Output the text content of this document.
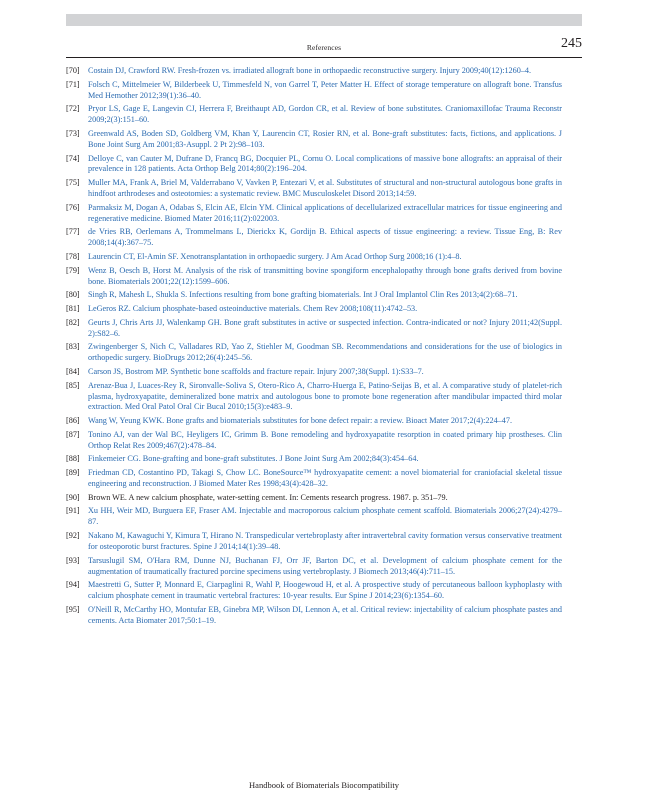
References	245
[70]	Costain DJ, Crawford RW. Fresh-frozen vs. irradiated allograft bone in orthopaedic reconstructive surgery. Injury 2009;40(12):1260–4.
[71]	Folsch C, Mittelmeier W, Bilderbeek U, Timmesfeld N, von Garrel T, Peter Matter H. Effect of storage temperature on allograft bone. Transfus Med Hemother 2012;39(1):36–40.
[72]	Pryor LS, Gage E, Langevin CJ, Herrera F, Breithaupt AD, Gordon CR, et al. Review of bone substitutes. Craniomaxillofac Trauma Reconstr 2009;2(3):151–60.
[73]	Greenwald AS, Boden SD, Goldberg VM, Khan Y, Laurencin CT, Rosier RN, et al. Bone-graft substitutes: facts, fictions, and applications. J Bone Joint Surg Am 2001;83-Asuppl. 2 Pt 2):98–103.
[74]	Delloye C, van Cauter M, Dufrane D, Francq BG, Docquier PL, Cornu O. Local complications of massive bone allografts: an appraisal of their prevalence in 128 patients. Acta Orthop Belg 2014;80(2):196–204.
[75]	Muller MA, Frank A, Briel M, Valderrabano V, Vavken P, Entezari V, et al. Substitutes of structural and non-structural autologous bone grafts in hindfoot arthrodeses and osteotomies: a systematic review. BMC Musculoskelet Disord 2013;14:59.
[76]	Parmaksiz M, Dogan A, Odabas S, Elcin AE, Elcin YM. Clinical applications of decellularized extracellular matrices for tissue engineering and regenerative medicine. Biomed Mater 2016;11(2):022003.
[77]	de Vries RB, Oerlemans A, Trommelmans L, Dierickx K, Gordijn B. Ethical aspects of tissue engineering: a review. Tissue Eng, B: Rev 2008;14(4):367–75.
[78]	Laurencin CT, El-Amin SF. Xenotransplantation in orthopaedic surgery. J Am Acad Orthop Surg 2008;16 (1):4–8.
[79]	Wenz B, Oesch B, Horst M. Analysis of the risk of transmitting bovine spongiform encephalopathy through bone grafts derived from bovine bone. Biomaterials 2001;22(12):1599–606.
[80]	Singh R, Mahesh L, Shukla S. Infections resulting from bone grafting biomaterials. Int J Oral Implantol Clin Res 2013;4(2):68–71.
[81]	LeGeros RZ. Calcium phosphate-based osteoinductive materials. Chem Rev 2008;108(11):4742–53.
[82]	Geurts J, Chris Arts JJ, Walenkamp GH. Bone graft substitutes in active or suspected infection. Contra-indicated or not? Injury 2011;42(Suppl. 2):S82–6.
[83]	Zwingenberger S, Nich C, Valladares RD, Yao Z, Stiehler M, Goodman SB. Recommendations and considerations for the use of biologics in orthopedic surgery. BioDrugs 2012;26(4):245–56.
[84]	Carson JS, Bostrom MP. Synthetic bone scaffolds and fracture repair. Injury 2007;38(Suppl. 1):S33–7.
[85]	Arenaz-Bua J, Luaces-Rey R, Sironvalle-Soliva S, Otero-Rico A, Charro-Huerga E, Patino-Seijas B, et al. A comparative study of platelet-rich plasma, hydroxyapatite, demineralized bone matrix and autologous bone to promote bone regeneration after mandibular impacted third molar extraction. Med Oral Patol Oral Cir Bucal 2010;15(3):e483–9.
[86]	Wang W, Yeung KWK. Bone grafts and biomaterials substitutes for bone defect repair: a review. Bioact Mater 2017;2(4):224–47.
[87]	Tonino AJ, van der Wal BC, Heyligers IC, Grimm B. Bone remodeling and hydroxyapatite resorption in coated primary hip prostheses. Clin Orthop Relat Res 2009;467(2):478–84.
[88]	Finkemeier CG. Bone-grafting and bone-graft substitutes. J Bone Joint Surg Am 2002;84(3):454–64.
[89]	Friedman CD, Costantino PD, Takagi S, Chow LC. BoneSource™ hydroxyapatite cement: a novel biomaterial for craniofacial skeletal tissue engineering and reconstruction. J Biomed Mater Res 1998;43(4):428–32.
[90]	Brown WE. A new calcium phosphate, water-setting cement. In: Cements research progress. 1987. p. 351–79.
[91]	Xu HH, Weir MD, Burguera EF, Fraser AM. Injectable and macroporous calcium phosphate cement scaffold. Biomaterials 2006;27(24):4279–87.
[92]	Nakano M, Kawaguchi Y, Kimura T, Hirano N. Transpedicular vertebroplasty after intravertebral cavity formation versus conservative treatment for osteoporotic burst fractures. Spine J 2014;14(1):39–48.
[93]	Tarsuslugil SM, O'Hara RM, Dunne NJ, Buchanan FJ, Orr JF, Barton DC, et al. Development of calcium phosphate cement for the augmentation of traumatically fractured porcine specimens using vertebroplasty. J Biomech 2013;46(4):711–15.
[94]	Maestretti G, Sutter P, Monnard E, Ciarpaglini R, Wahl P, Hoogewoud H, et al. A prospective study of percutaneous balloon kyphoplasty with calcium phosphate cement in traumatic vertebral fractures: 10-year results. Eur Spine J 2014;23(6):1354–60.
[95]	O'Neill R, McCarthy HO, Montufar EB, Ginebra MP, Wilson DI, Lennon A, et al. Critical review: injectability of calcium phosphate pastes and cements. Acta Biomater 2017;50:1–19.
Handbook of Biomaterials Biocompatibility
